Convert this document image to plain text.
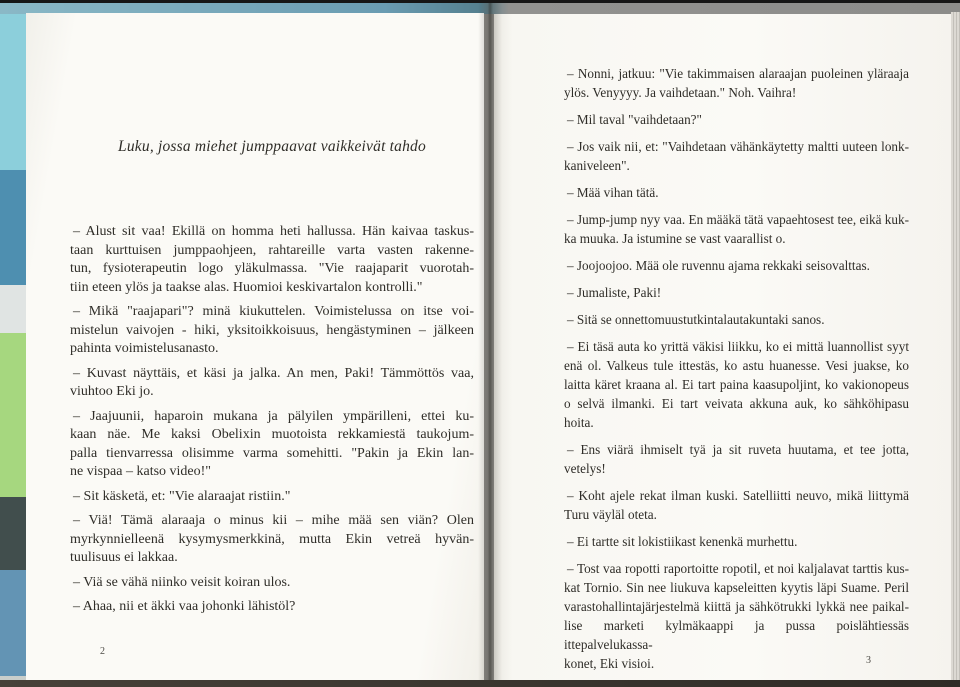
Luku, jossa miehet jumppaavat vaikkeivät tahdo
– Alust sit vaa! Ekillä on homma heti hallussa. Hän kaivaa taskus-
taan kurttuisen jumppaohjeen, rahtareille varta vasten rakenne-
tun, fysioterapeutin logo yläkulmassa. "Vie raajaparit vuorotah-
tiin eteen ylös ja taakse alas. Huomioi keskivartalon kontrolli."
– Mikä "raajapari"? minä kiukuttelen. Voimistelussa on itse voi-
mistelun vaivojen - hiki, yksitoikkoisuus, hengästyminen – jälkeen
pahinta voimistelusanasto.
– Kuvast näyttäis, et käsi ja jalka. An men, Paki! Tämmöttös vaa,
viuhtoo Eki jo.
– Jaajuunii, haparoin mukana ja pälyilen ympärilleni, ettei ku-
kaan näe. Me kaksi Obelixin muotoista rekkamiestä taukojum-
palla tienvarressa olisimme varma somehitti. "Pakin ja Ekin lan-
ne vispaa – katso video!"
– Sit käsketä, et: "Vie alaraajat ristiin."
– Viä! Tämä alaraaja o minus kii – mihe mää sen viän? Olen
myrkynnielleenä kysymysmerkkinä, mutta Ekin vetreä hyvän-
tuulisuus ei lakkaa.
– Viä se vähä niinko veisit koiran ulos.
– Ahaa, nii et äkki vaa johonki lähistöl?
2
– Nonni, jatkuu: "Vie takimmaisen alaraajan puoleinen yläraaja
ylös. Venyyyy. Ja vaihdetaan." Noh. Vaihra!
– Mil taval "vaihdetaan?"
– Jos vaik nii, et: "Vaihdetaan vähänkäytetty maltti uuteen lonk-
kaniveleen".
– Mää vihan tätä.
– Jump-jump nyy vaa. En määkä tätä vapaehtosest tee, eikä kuk-
ka muuka. Ja istumine se vast vaarallist o.
– Joojoojoo. Mää ole ruvennu ajama rekkaki seisovalttas.
– Jumaliste, Paki!
– Sitä se onnettomuustutkintalautakuntaki sanos.
– Ei täsä auta ko yrittä väkisi liikku, ko ei mittä luannollist syyt
enä ol. Valkeus tule ittestäs, ko astu huanesse. Vesi juakse, ko
laitta käret kraana al. Ei tart paina kaasupoljint, ko vakionopeus
o selvä ilmanki. Ei tart veivata akkuna auk, ko sähköhipasu hoita.
– Ens viärä ihmiselt tyä ja sit ruveta huutama, et tee jotta, vetelys!
– Koht ajele rekat ilman kuski. Satelliitti neuvo, mikä liittymä
Turu väyläl oteta.
– Ei tartte sit lokistiikast kenenkä murhettu.
– Tost vaa ropotti raportoitte ropotil, et noi kaljalavat tarttis kus-
kat Tornio. Sin nee liukuva kapseleitten kyytis läpi Suame. Peril
varastohallintajärjestelmä kiittä ja sähkötrukki lykkä nee paikal-
lise marketi kylmäkaappi ja pussa poislähtiessäs ittepalvelukassa-
konet, Eki visioi.	3
